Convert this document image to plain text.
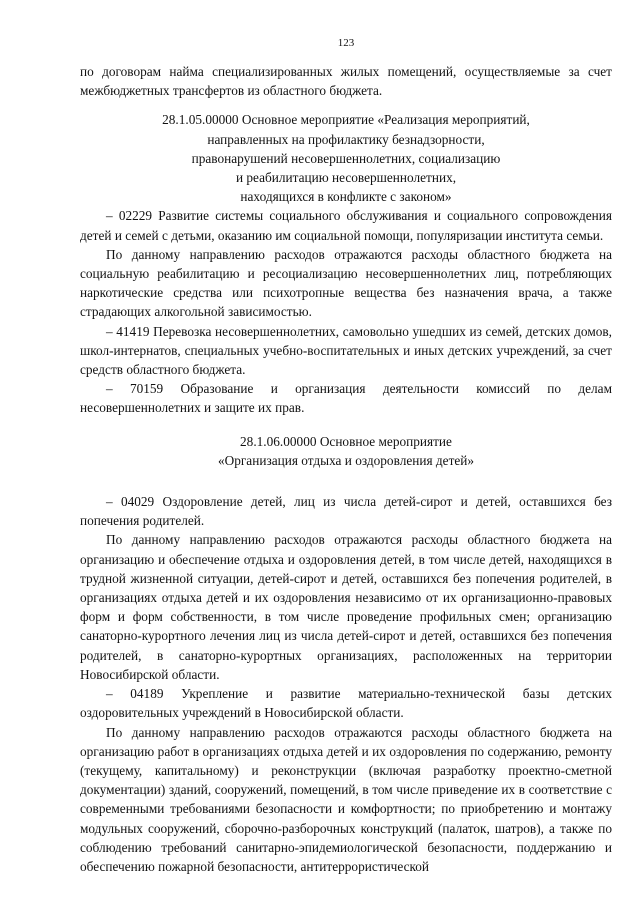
123

по договорам найма специализированных жилых помещений, осуществляемые за счет межбюджетных трансфертов из областного бюджета.

28.1.05.00000 Основное мероприятие «Реализация мероприятий,
направленных на профилактику безнадзорности,
правонарушений несовершеннолетних, социализацию
и реабилитацию несовершеннолетних,
находящихся в конфликте с законом»

– 02229 Развитие системы социального обслуживания и социального сопровождения детей и семей с детьми, оказанию им социальной помощи, популяризации института семьи.

По данному направлению расходов отражаются расходы областного бюджета на социальную реабилитацию и ресоциализацию несовершеннолетних лиц, потребляющих наркотические средства или психотропные вещества без назначения врача, а также страдающих алкогольной зависимостью.

– 41419 Перевозка несовершеннолетних, самовольно ушедших из семей, детских домов, школ-интернатов, специальных учебно-воспитательных и иных детских учреждений, за счет средств областного бюджета.

– 70159 Образование и организация деятельности комиссий по делам несовершеннолетних и защите их прав.

28.1.06.00000 Основное мероприятие
«Организация отдыха и оздоровления детей»

– 04029 Оздоровление детей, лиц из числа детей-сирот и детей, оставшихся без попечения родителей.

По данному направлению расходов отражаются расходы областного бюджета на организацию и обеспечение отдыха и оздоровления детей, в том числе детей, находящихся в трудной жизненной ситуации, детей-сирот и детей, оставшихся без попечения родителей, в организациях отдыха детей и их оздоровления независимо от их организационно-правовых форм и форм собственности, в том числе проведение профильных смен; организацию санаторно-курортного лечения лиц из числа детей-сирот и детей, оставшихся без попечения родителей, в санаторно-курортных организациях, расположенных на территории Новосибирской области.

– 04189 Укрепление и развитие материально-технической базы детских оздоровительных учреждений в Новосибирской области.

По данному направлению расходов отражаются расходы областного бюджета на организацию работ в организациях отдыха детей и их оздоровления по содержанию, ремонту (текущему, капитальному) и реконструкции (включая разработку проектно-сметной документации) зданий, сооружений, помещений, в том числе приведение их в соответствие с современными требованиями безопасности и комфортности; по приобретению и монтажу модульных сооружений, сборочно-разборочных конструкций (палаток, шатров), а также по соблюдению требований санитарно-эпидемиологической безопасности, поддержанию и обеспечению пожарной безопасности, антитеррористической
